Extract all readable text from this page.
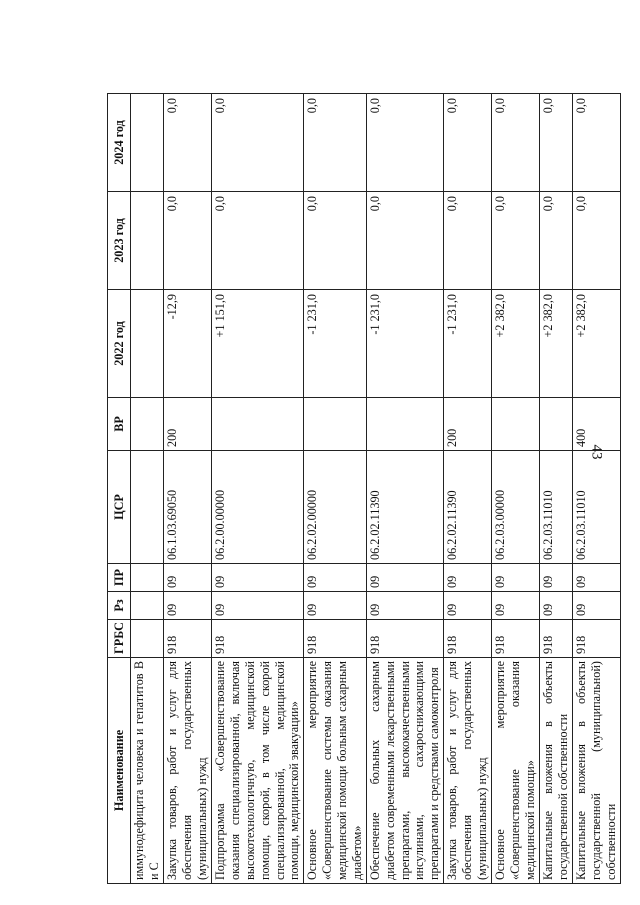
43
Наименование	ГРБС	Рз	ПР	ЦСР	ВР	2022 год	2023 год	2024 год
иммунодефицита человека и гепатитов В и С								
Закупка товаров, работ и услуг для обеспечения государственных (муниципальных) нужд	918	09	09	06.1.03.69050	200	-12,9	0,0	0,0
Подпрограмма «Совершенствование оказания специализированной, включая высокотехнологичную, медицинской помощи, скорой, в том числе скорой специализированной, медицинской помощи, медицинской эвакуации»	918	09	09	06.2.00.00000		+1 151,0	0,0	0,0
Основное мероприятие «Совершенствование системы оказания медицинской помощи больным сахарным диабетом»	918	09	09	06.2.02.00000		-1 231,0	0,0	0,0
Обеспечение больных сахарным диабетом современными лекарственными препаратами, высококачественными инсулинами, сахароснижающими препаратами и средствами самоконтроля	918	09	09	06.2.02.11390		-1 231,0	0,0	0,0
Закупка товаров, работ и услуг для обеспечения государственных (муниципальных) нужд	918	09	09	06.2.02.11390	200	-1 231,0	0,0	0,0
Основное мероприятие «Совершенствование оказания медицинской помощи»	918	09	09	06.2.03.00000		+2 382,0	0,0	0,0
Капитальные вложения в объекты государственной собственности	918	09	09	06.2.03.11010		+2 382,0	0,0	0,0
Капитальные вложения в объекты государственной (муниципальной) собственности	918	09	09	06.2.03.11010	400	+2 382,0	0,0	0,0
